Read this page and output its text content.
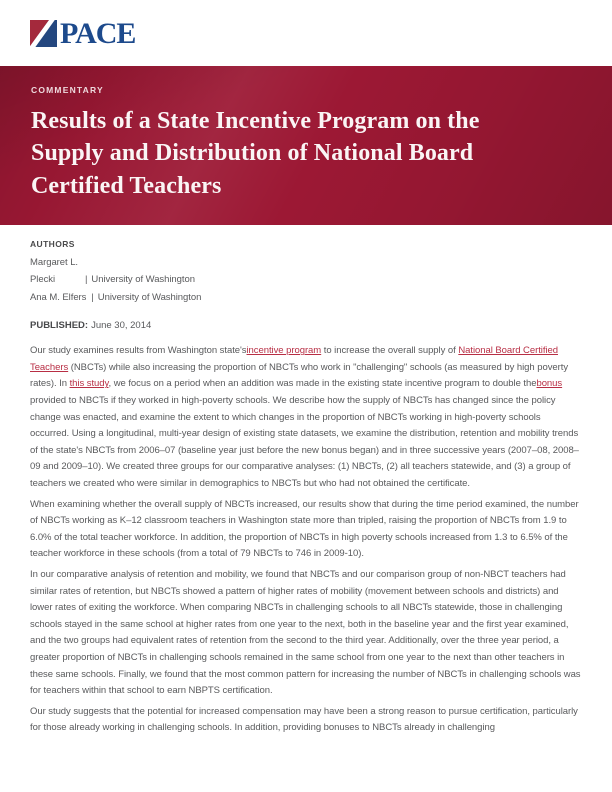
PACE
COMMENTARY
Results of a State Incentive Program on the
Supply and Distribution of National Board
Certified Teachers
AUTHORS
Margaret L.
Plecki	| University of Washington
Ana M. Elfers | University of Washington
PUBLISHED: June 30, 2014

Our study examines results from Washington state'sincentive program to increase the overall supply of National Board Certified Teachers (NBCTs) while also increasing the proportion of NBCTs who work in "challenging" schools (as measured by high poverty rates). In this study, we focus on a period when an addition was made in the existing state incentive program to double thebonus provided to NBCTs if they worked in high-poverty schools. We describe how the supply of NBCTs has changed since the policy change was enacted, and examine the extent to which changes in the proportion of NBCTs working in high-poverty schools occurred. Using a longitudinal, multi-year design of existing state datasets, we examine the distribution, retention and mobility trends of the state's NBCTs from 2006–07 (baseline year just before the new bonus began) and in three successive years (2007–08, 2008–09 and 2009–10). We created three groups for our comparative analyses: (1) NBCTs, (2) all teachers statewide, and (3) a group of teachers we created who were similar in demographics to NBCTs but who had not obtained the certificate.

When examining whether the overall supply of NBCTs increased, our results show that during the time period examined, the number of NBCTs working as K–12 classroom teachers in Washington state more than tripled, raising the proportion of NBCTs from 1.9 to 6.0% of the total teacher workforce. In addition, the proportion of NBCTs in high poverty schools increased from 1.3 to 6.5% of the teacher workforce in these schools (from a total of 79 NBCTs to 746 in 2009-10).

In our comparative analysis of retention and mobility, we found that NBCTs and our comparison group of non-NBCT teachers had similar rates of retention, but NBCTs showed a pattern of higher rates of mobility (movement between schools and districts) and lower rates of exiting the workforce. When comparing NBCTs in challenging schools to all NBCTs statewide, those in challenging schools stayed in the same school at higher rates from one year to the next, both in the baseline year and the first year examined, and the two groups had equivalent rates of retention from the second to the third year. Additionally, over the three year period, a greater proportion of NBCTs in challenging schools remained in the same school from one year to the next than other teachers in these same schools. Finally, we found that the most common pattern for increasing the number of NBCTs in challenging schools was for teachers within that school to earn NBPTS certification.

Our study suggests that the potential for increased compensation may have been a strong reason to pursue certification, particularly for those already working in challenging schools. In addition, providing bonuses to NBCTs already in challenging
